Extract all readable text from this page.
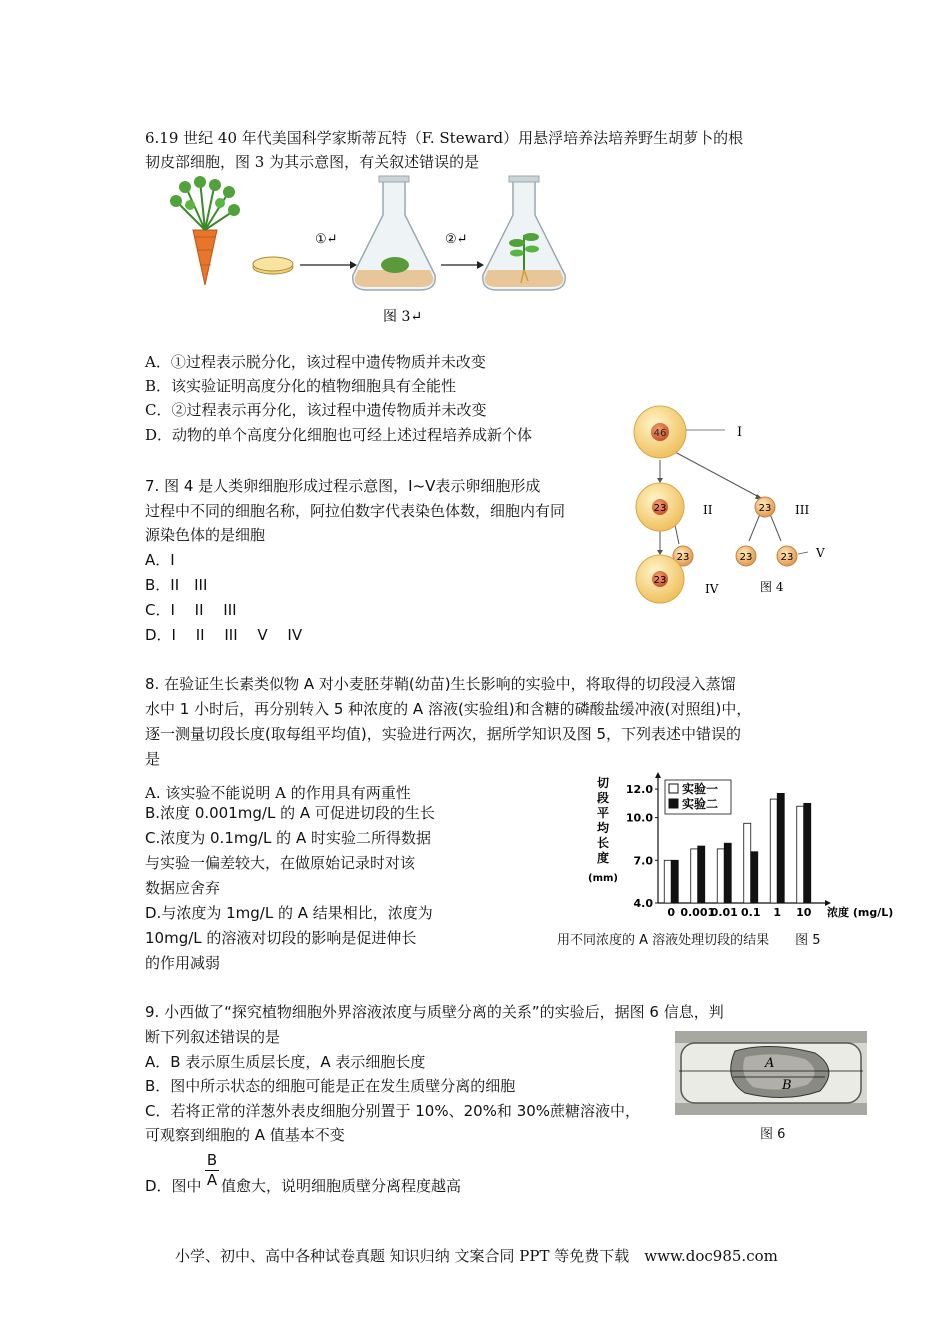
6.19 世纪 40 年代美国科学家斯蒂瓦特（F. Steward）用悬浮培养法培养野生胡萝卜的根
韧皮部细胞，图 3 为其示意图，有关叙述错误的是
①↵	②↵
图 3↵
A．①过程表示脱分化，该过程中遗传物质并未改变
B．该实验证明高度分化的植物细胞具有全能性
C．②过程表示再分化，该过程中遗传物质并未改变
D．动物的单个高度分化细胞也可经上述过程培养成新个体
7. 图 4 是人类卵细胞形成过程示意图，I~V表示卵细胞形成
过程中不同的细胞名称，阿拉伯数字代表染色体数，细胞内有同
源染色体的是细胞
A．I
B．II　III
C．I　 II　 III
D．I　 II　 III　 V　 IV
46	I
23	II	23 III
23
23
IV
23	23 V
图 4
8. 在验证生长素类似物 A 对小麦胚芽鞘(幼苗)生长影响的实验中，将取得的切段浸入蒸馏
水中 1 小时后，再分别转入 5 种浓度的 A 溶液(实验组)和含糖的磷酸盐缓冲液(对照组)中，
逐一测量切段长度(取每组平均值)，实验进行两次，据所学知识及图 5，下列表述中错误的
是
A. 该实验不能说明 A 的作用具有两重性
B.浓度 0.001mg/L 的 A 可促进切段的生长
C.浓度为 0.1mg/L 的 A 时实验二所得数据
与实验一偏差较大，在做原始记录时对该
数据应舍弃
D.与浓度为 1mg/L 的 A 结果相比，浓度为
10mg/L 的溶液对切段的影响是促进伸长
的作用减弱
切
段
平
均
长
度
(mm)
4.0
7.0
10.0
12.0
0 0.001
0.01 0.1 1 10 浓度 (mg/L)
实验一
实验二
用不同浓度的 A 溶液处理切段的结果　　图 5
9. 小西做了“探究植物细胞外界溶液浓度与质壁分离的关系”的实验后，据图 6 信息，判
断下列叙述错误的是
A．B 表示原生质层长度，A 表示细胞长度
B．图中所示状态的细胞可能是正在发生质壁分离的细胞
C．若将正常的洋葱外表皮细胞分别置于 10%、20%和 30%蔗糖溶液中，
可观察到细胞的 A 值基本不变
D．图中
B
A 值愈大，说明细胞质壁分离程度越高
A
B
图 6
小学、初中、高中各种试卷真题 知识归纳 文案合同 PPT 等免费下载　www.doc985.com
